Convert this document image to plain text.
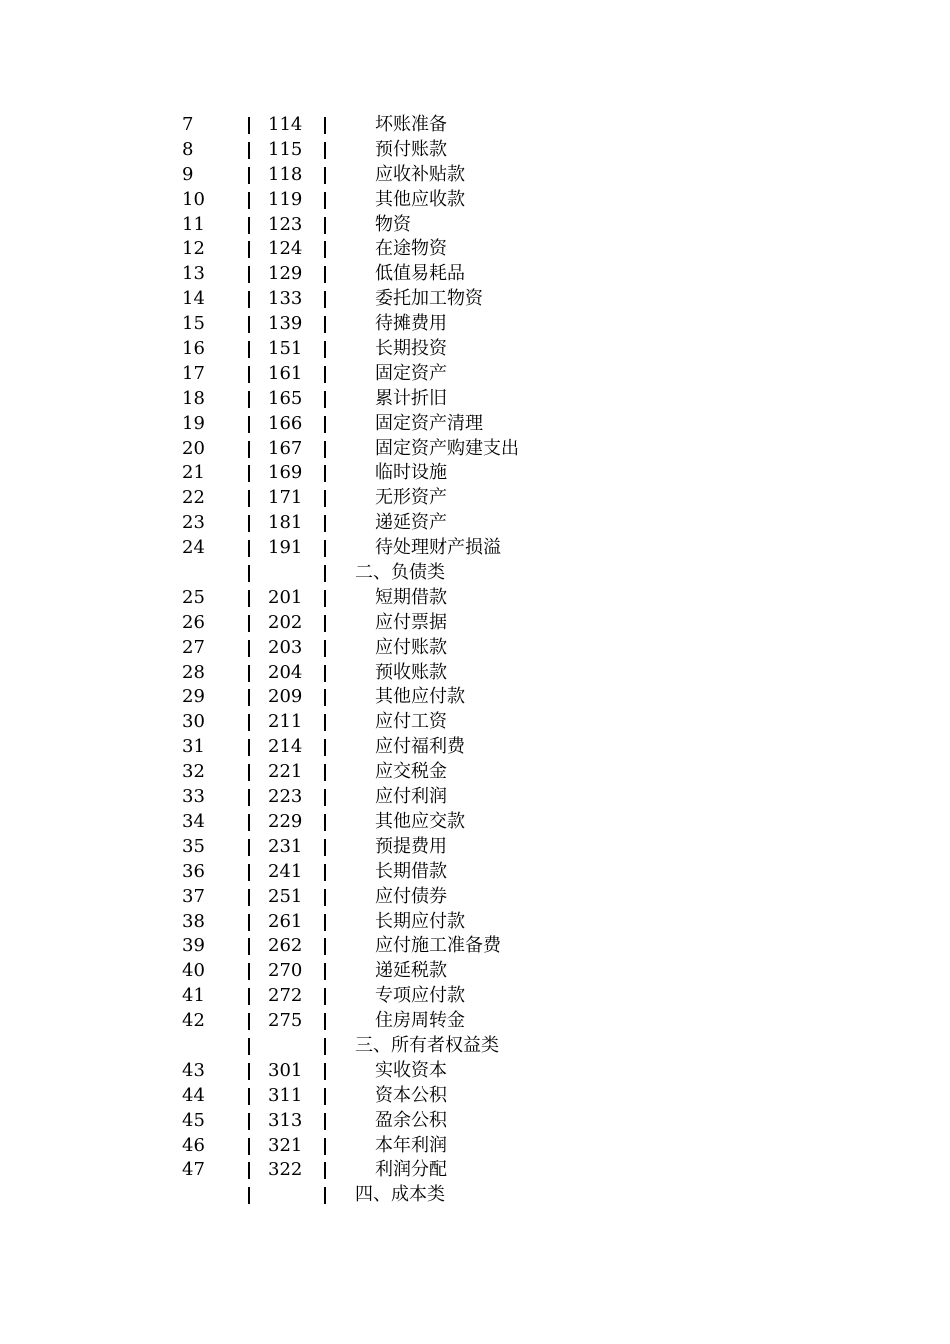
7	114	坏账准备
8	115	预付账款
9	118	应收补贴款
10	119	其他应收款
11	123	物资
12	124	在途物资
13	129	低值易耗品
14	133	委托加工物资
15	139	待摊费用
16	151	长期投资
17	161	固定资产
18	165	累计折旧
19	166	固定资产清理
20	167	固定资产购建支出
21	169	临时设施
22	171	无形资产
23	181	递延资产
24	191	待处理财产损溢
二、负债类
25	201	短期借款
26	202	应付票据
27	203	应付账款
28	204	预收账款
29	209	其他应付款
30	211	应付工资
31	214	应付福利费
32	221	应交税金
33	223	应付利润
34	229	其他应交款
35	231	预提费用
36	241	长期借款
37	251	应付债券
38	261	长期应付款
39	262	应付施工准备费
40	270	递延税款
41	272	专项应付款
42	275	住房周转金
三、所有者权益类
43	301	实收资本
44	311	资本公积
45	313	盈余公积
46	321	本年利润
47	322	利润分配
四、成本类
